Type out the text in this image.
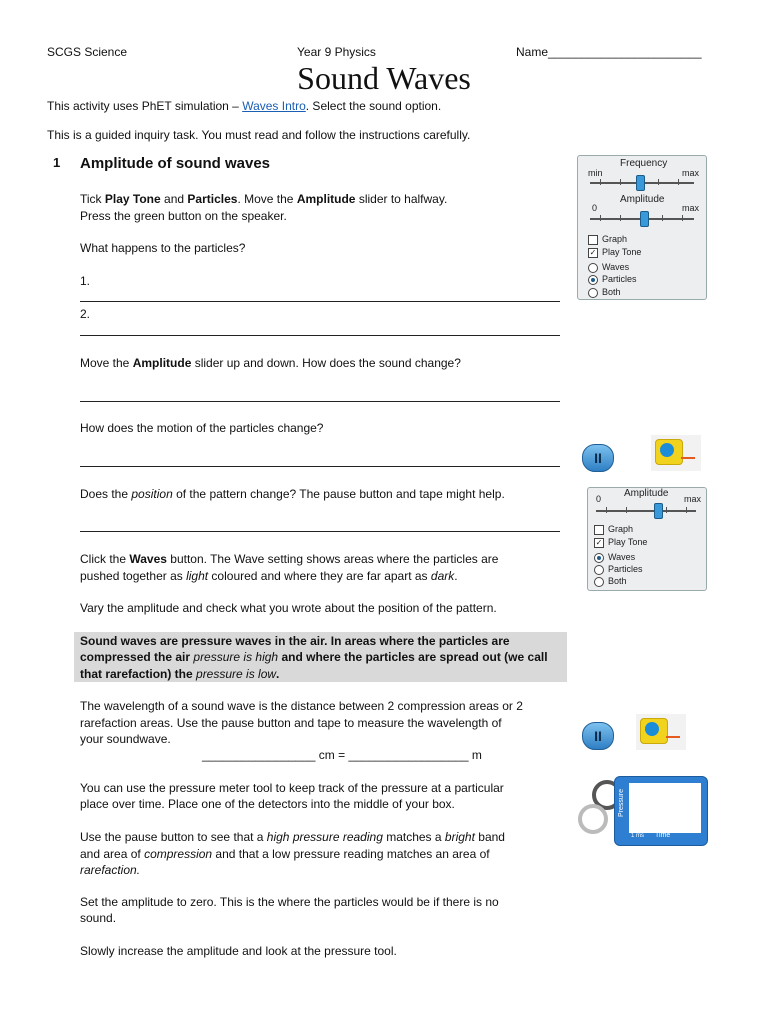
SCGS Science	Year 9 Physics	Name_______________________
Sound Waves
This activity uses PhET simulation – Waves Intro. Select the sound option.
This is a guided inquiry task. You must read and follow the instructions carefully.
1 Amplitude of sound waves
Tick Play Tone and Particles. Move the Amplitude slider to halfway.
Press the green button on the speaker.
What happens to the particles?
1.
2.
Move the Amplitude slider up and down. How does the sound change?
How does the motion of the particles change?
Does the position of the pattern change? The pause button and tape might help.
Click the Waves button. The Wave setting shows areas where the particles are
pushed together as light coloured and where they are far apart as dark.
Vary the amplitude and check what you wrote about the position of the pattern.
Sound waves are pressure waves in the air. In areas where the particles are
compressed the air pressure is high and where the particles are spread out (we call
that rarefaction) the pressure is low.
The wavelength of a sound wave is the distance between 2 compression areas or 2
rarefaction areas. Use the pause button and tape to measure the wavelength of
your soundwave.
_________________ cm = __________________ m
You can use the pressure meter tool to keep track of the pressure at a particular
place over time. Place one of the detectors into the middle of your box.
Use the pause button to see that a high pressure reading matches a bright band
and area of compression and that a low pressure reading matches an area of
rarefaction.
Set the amplitude to zero. This is the where the particles would be if there is no
sound.
Slowly increase the amplitude and look at the pressure tool.
Frequency
min	max
Amplitude
0	max
Graph
✓ Play Tone
Waves
Particles
Both
II
Amplitude
0	max
Graph
✓ Play Tone
Waves
Particles
Both
II
Pressure
Time
1 ms
